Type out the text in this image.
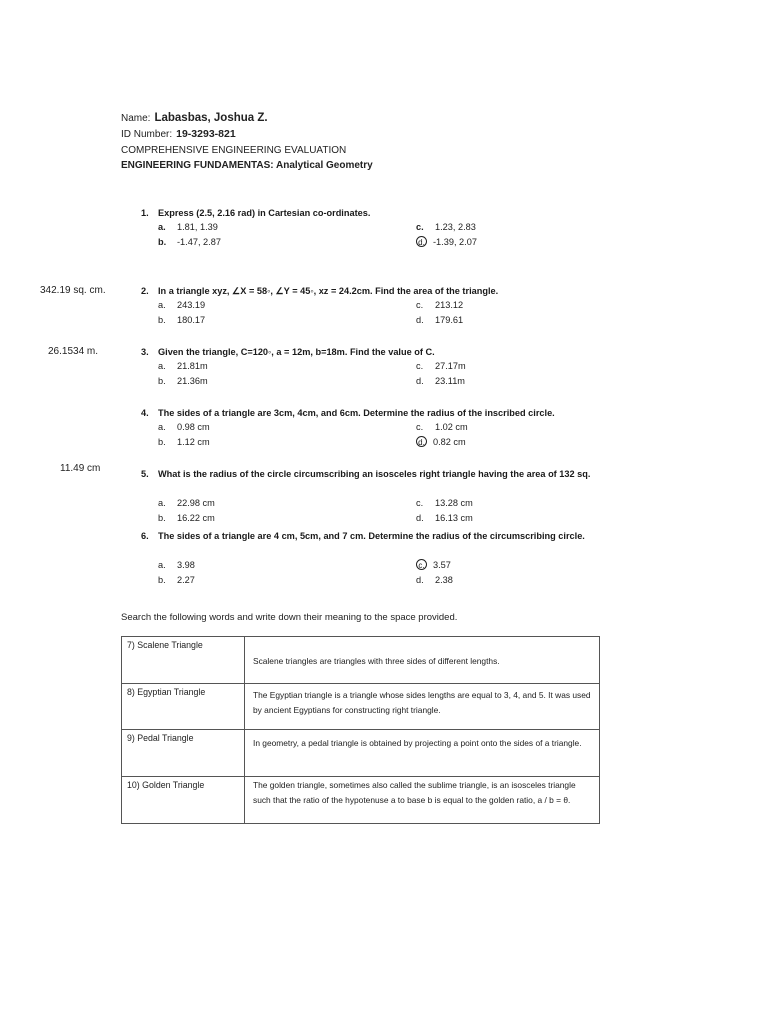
Name: Labasbas, Joshua Z.
ID Number: 19-3293-821
COMPREHENSIVE ENGINEERING EVALUATION
ENGINEERING FUNDAMENTAS: Analytical Geometry
1. Express (2.5, 2.16 rad) in Cartesian co-ordinates.
a. 1.81, 1.39
b. -1.47, 2.87
c. 1.23, 2.83
d. -1.39, 2.07
2. In a triangle xyz, ∠X = 58◦, ∠Y = 45◦, xz = 24.2cm. Find the area of the triangle.
a. 243.19
b. 180.17
c. 213.12
d. 179.61
342.19 sq. cm.
3. Given the triangle, C=120◦, a = 12m, b=18m. Find the value of C.
a. 21.81m
b. 21.36m
c. 27.17m
d. 23.11m
26.1534 m.
4. The sides of a triangle are 3cm, 4cm, and 6cm. Determine the radius of the inscribed circle.
a. 0.98 cm
b. 1.12 cm
c. 1.02 cm
d. 0.82 cm
5. What is the radius of the circle circumscribing an isosceles right triangle having the area of 132 sq.
a. 22.98 cm
b. 16.22 cm
c. 13.28 cm
d. 16.13 cm
11.49 cm
6. The sides of a triangle are 4 cm, 5cm, and 7 cm. Determine the radius of the circumscribing circle.
a. 3.98
b. 2.27
c. 3.57
d. 2.38
Search the following words and write down their meaning to the space provided.
7) Scalene Triangle	Scalene triangles are triangles with three sides of different lengths.
8) Egyptian Triangle	The Egyptian triangle is a triangle whose sides lengths are equal to 3, 4, and 5. It was used by ancient Egyptians for constructing right triangle.
9) Pedal Triangle	In geometry, a pedal triangle is obtained by projecting a point onto the sides of a triangle.
10) Golden Triangle	The golden triangle, sometimes also called the sublime triangle, is an isosceles triangle such that the ratio of the hypotenuse a to base b is equal to the golden ratio, a / b = θ.
